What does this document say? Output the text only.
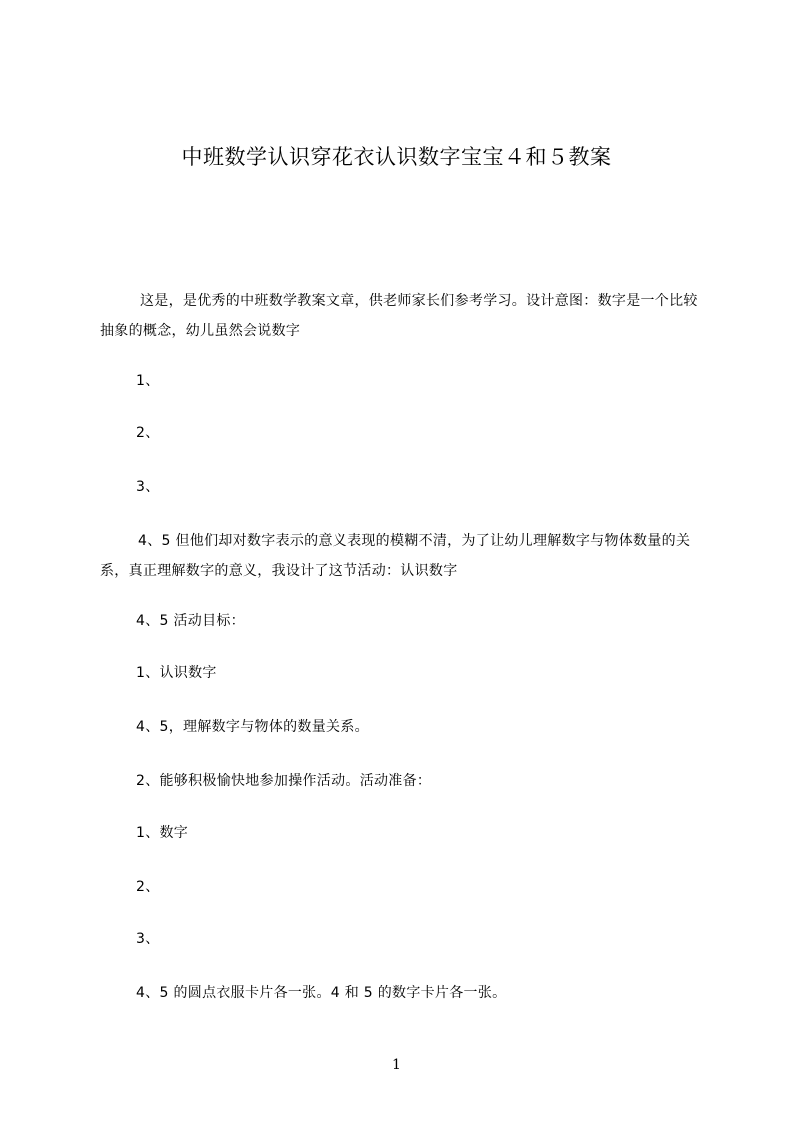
中班数学认识穿花衣认识数字宝宝４和５教案

这是，是优秀的中班数学教案文章，供老师家长们参考学习。设计意图：数字是一个比较抽象的概念，幼儿虽然会说数字

1、

2、

3、

4、5 但他们却对数字表示的意义表现的模糊不清，为了让幼儿理解数字与物体数量的关系，真正理解数字的意义，我设计了这节活动：认识数字

4、5 活动目标：

1、认识数字

4、5，理解数字与物体的数量关系。

2、能够积极愉快地参加操作活动。活动准备：

1、数字

2、

3、

4、5 的圆点衣服卡片各一张。4 和 5 的数字卡片各一张。

1
